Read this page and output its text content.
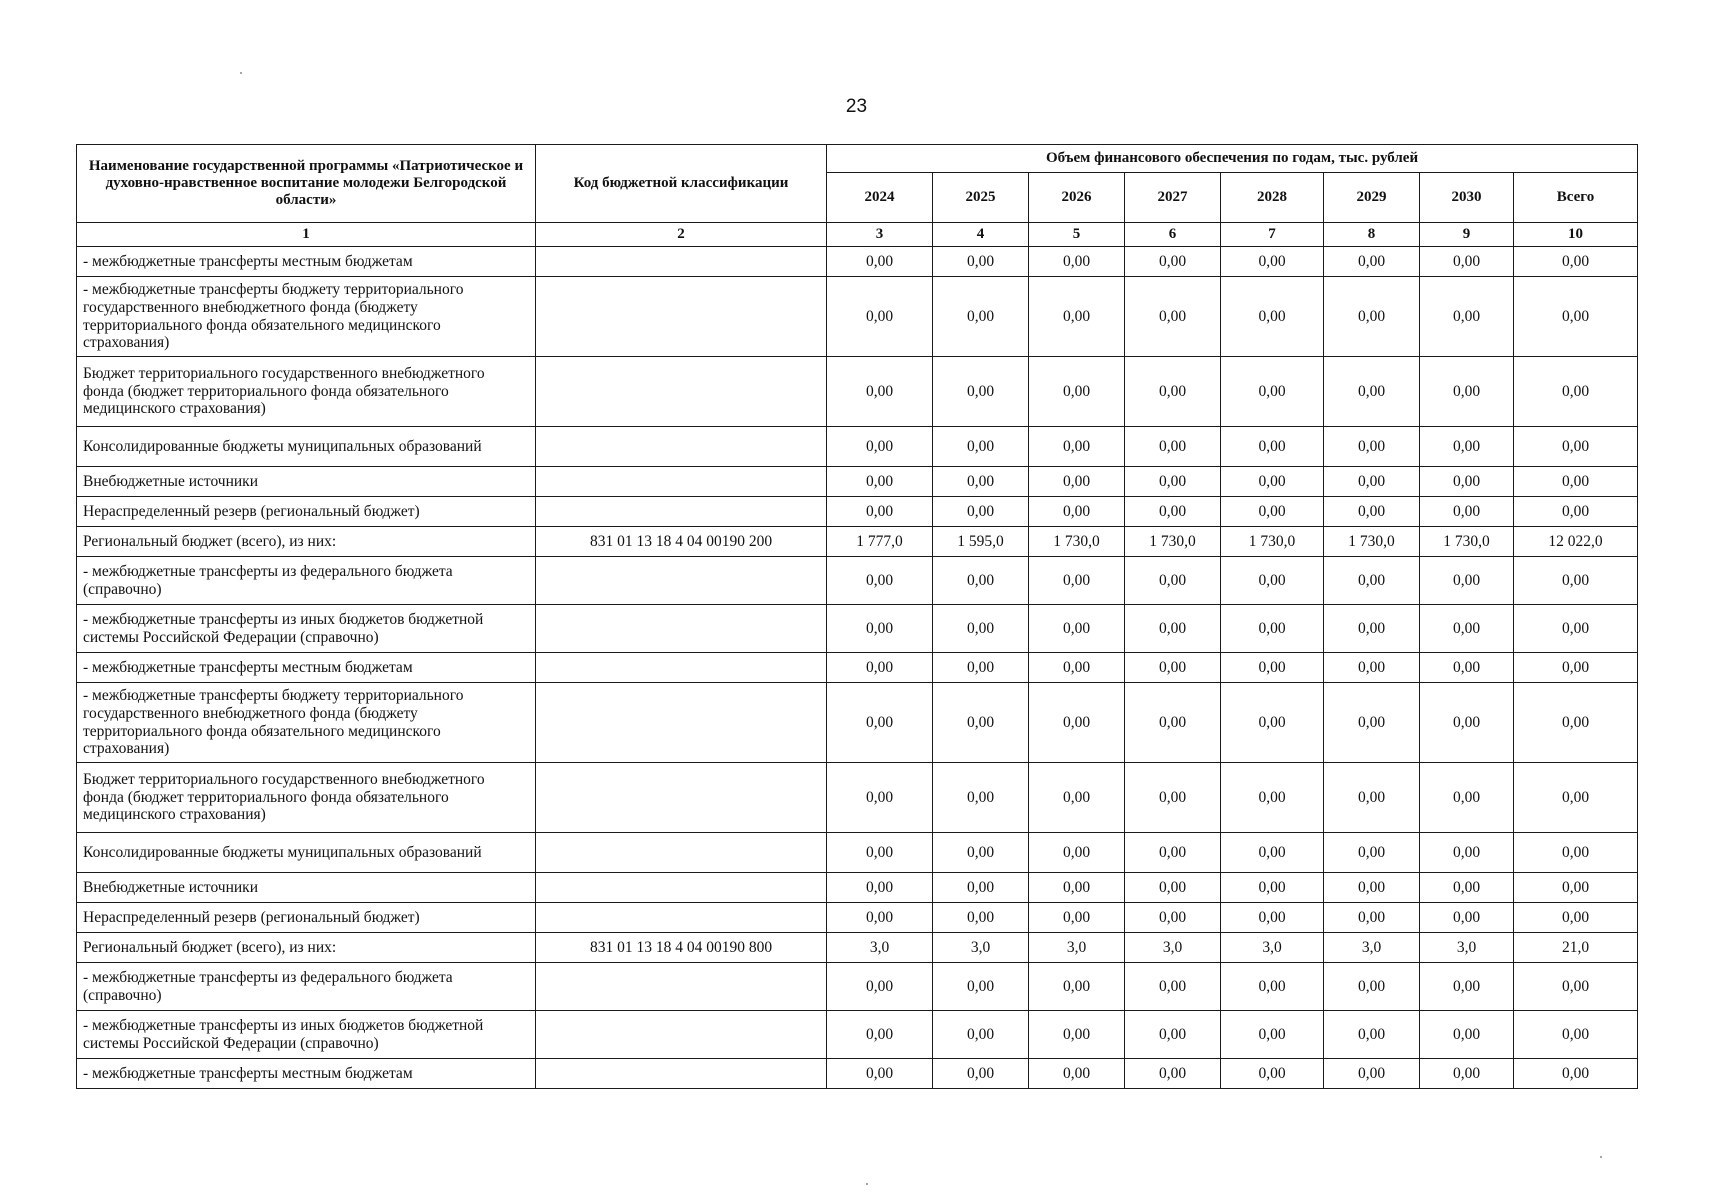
23
Наименование государственной программы «Патриотическое и духовно-нравственное воспитание молодежи Белгородской области»	Код бюджетной классификации	Объем финансового обеспечения по годам, тыс. рублей							
		2024	2025	2026	2027	2028	2029	2030	Всего
1	2	3	4	5	6	7	8	9	10
- межбюджетные трансферты местным бюджетам		0,00	0,00	0,00	0,00	0,00	0,00	0,00	0,00
- межбюджетные трансферты бюджету территориального государственного внебюджетного фонда (бюджету территориального фонда обязательного медицинского страхования)		0,00	0,00	0,00	0,00	0,00	0,00	0,00	0,00
Бюджет территориального государственного внебюджетного фонда (бюджет территориального фонда обязательного медицинского страхования)		0,00	0,00	0,00	0,00	0,00	0,00	0,00	0,00
Консолидированные бюджеты муниципальных образований		0,00	0,00	0,00	0,00	0,00	0,00	0,00	0,00
Внебюджетные источники		0,00	0,00	0,00	0,00	0,00	0,00	0,00	0,00
Нераспределенный резерв (региональный бюджет)		0,00	0,00	0,00	0,00	0,00	0,00	0,00	0,00
Региональный бюджет (всего), из них:	831 01 13 18 4 04 00190 200	1 777,0	1 595,0	1 730,0	1 730,0	1 730,0	1 730,0	1 730,0	12 022,0
- межбюджетные трансферты из федерального бюджета (справочно)		0,00	0,00	0,00	0,00	0,00	0,00	0,00	0,00
- межбюджетные трансферты из иных бюджетов бюджетной системы Российской Федерации (справочно)		0,00	0,00	0,00	0,00	0,00	0,00	0,00	0,00
- межбюджетные трансферты местным бюджетам		0,00	0,00	0,00	0,00	0,00	0,00	0,00	0,00
- межбюджетные трансферты бюджету территориального государственного внебюджетного фонда (бюджету территориального фонда обязательного медицинского страхования)		0,00	0,00	0,00	0,00	0,00	0,00	0,00	0,00
Бюджет территориального государственного внебюджетного фонда (бюджет территориального фонда обязательного медицинского страхования)		0,00	0,00	0,00	0,00	0,00	0,00	0,00	0,00
Консолидированные бюджеты муниципальных образований		0,00	0,00	0,00	0,00	0,00	0,00	0,00	0,00
Внебюджетные источники		0,00	0,00	0,00	0,00	0,00	0,00	0,00	0,00
Нераспределенный резерв (региональный бюджет)		0,00	0,00	0,00	0,00	0,00	0,00	0,00	0,00
Региональный бюджет (всего), из них:	831 01 13 18 4 04 00190 800	3,0	3,0	3,0	3,0	3,0	3,0	3,0	21,0
- межбюджетные трансферты из федерального бюджета (справочно)		0,00	0,00	0,00	0,00	0,00	0,00	0,00	0,00
- межбюджетные трансферты из иных бюджетов бюджетной системы Российской Федерации (справочно)		0,00	0,00	0,00	0,00	0,00	0,00	0,00	0,00
- межбюджетные трансферты местным бюджетам		0,00	0,00	0,00	0,00	0,00	0,00	0,00	0,00
